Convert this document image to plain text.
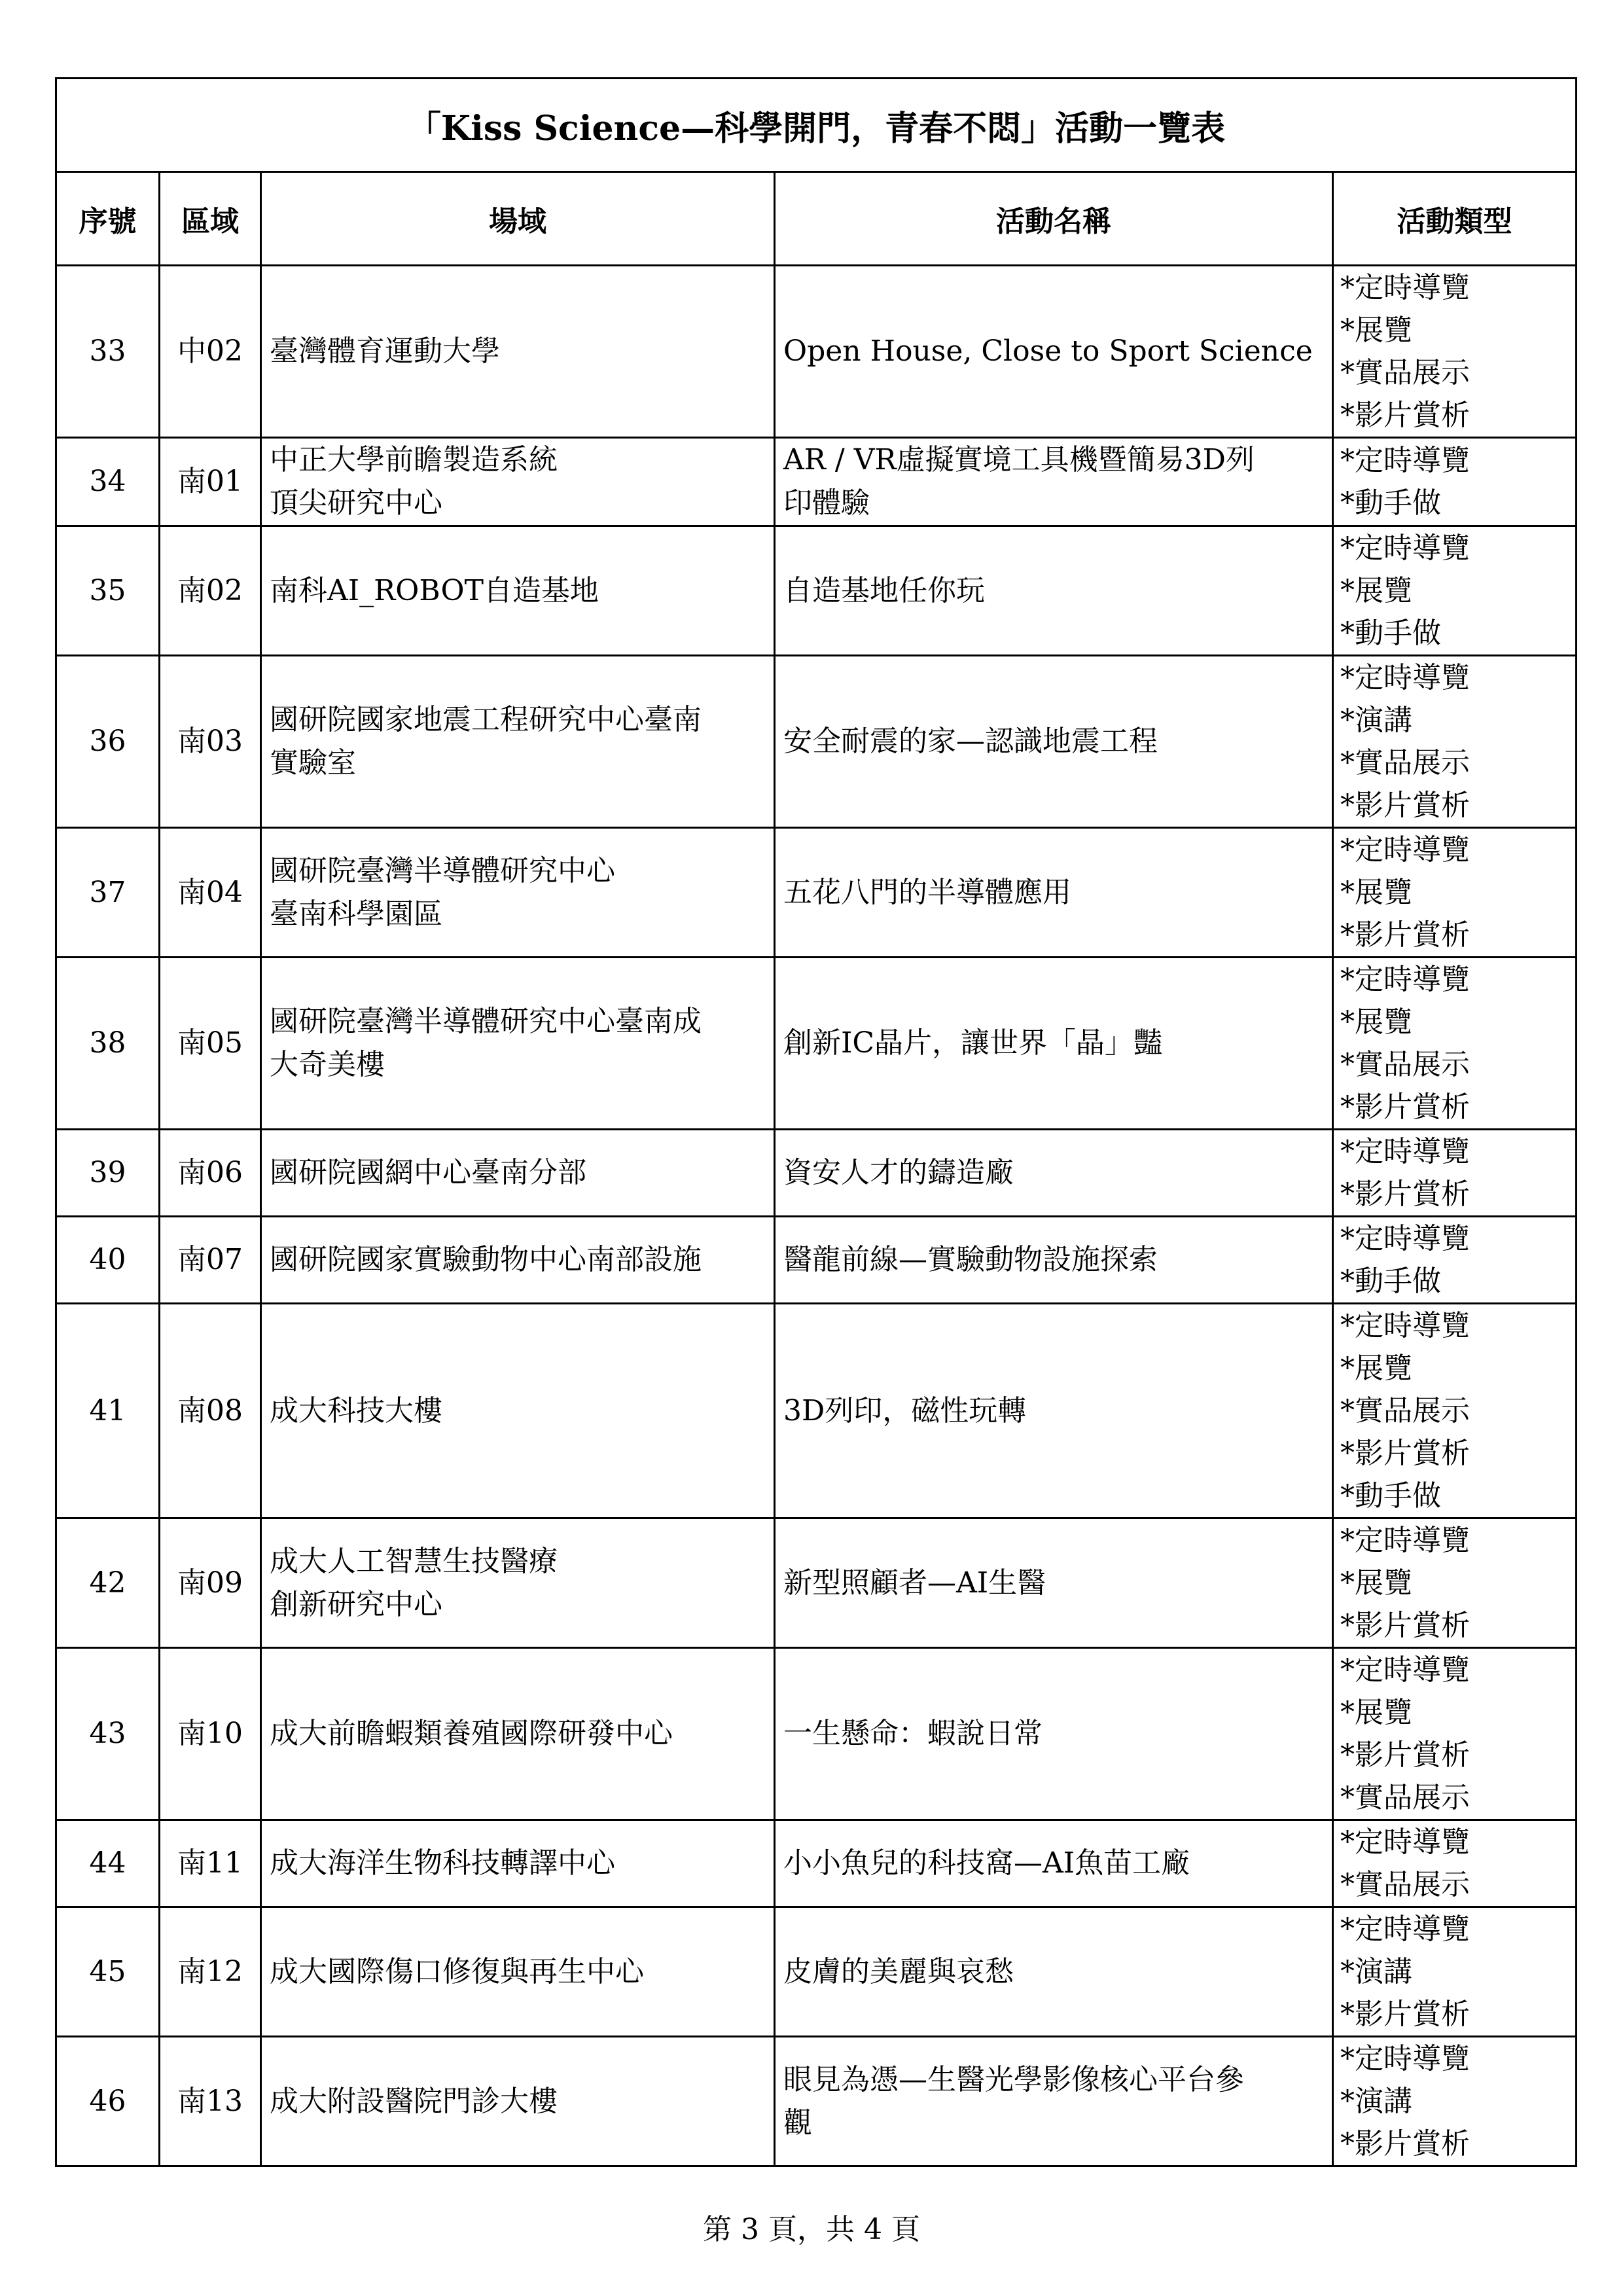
「Kiss Science—科學開門，青春不悶」活動一覽表				
序號	區域	場域	活動名稱	活動類型
33	中02	臺灣體育運動大學	Open House, Close to Sport Science	*定時導覽
*展覽
*實品展示
*影片賞析

34	南01	中正大學前瞻製造系統
頂尖研究中心	AR / VR虛擬實境工具機暨簡易3D列
印體驗	*定時導覽
*動手做

35	南02	南科AI_ROBOT自造基地	自造基地任你玩	*定時導覽
*展覽
*動手做

36	南03	國研院國家地震工程研究中心臺南
實驗室	安全耐震的家—認識地震工程	*定時導覽
*演講
*實品展示
*影片賞析

37	南04	國研院臺灣半導體研究中心
臺南科學園區	五花八門的半導體應用	*定時導覽
*展覽
*影片賞析

38	南05	國研院臺灣半導體研究中心臺南成
大奇美樓	創新IC晶片，讓世界「晶」豔	*定時導覽
*展覽
*實品展示
*影片賞析

39	南06	國研院國網中心臺南分部	資安人才的鑄造廠	*定時導覽
*影片賞析

40	南07	國研院國家實驗動物中心南部設施	醫龍前線—實驗動物設施探索	*定時導覽
*動手做

41	南08	成大科技大樓	3D列印，磁性玩轉	*定時導覽
*展覽
*實品展示
*影片賞析
*動手做

42	南09	成大人工智慧生技醫療
創新研究中心	新型照顧者—AI生醫	*定時導覽
*展覽
*影片賞析

43	南10	成大前瞻蝦類養殖國際研發中心	一生懸命：蝦說日常	*定時導覽
*展覽
*影片賞析
*實品展示

44	南11	成大海洋生物科技轉譯中心	小小魚兒的科技窩—AI魚苗工廠	*定時導覽
*實品展示

45	南12	成大國際傷口修復與再生中心	皮膚的美麗與哀愁	*定時導覽
*演講
*影片賞析

46	南13	成大附設醫院門診大樓	眼見為憑—生醫光學影像核心平台參
觀	*定時導覽
*演講
*影片賞析
第 3 頁，共 4 頁
